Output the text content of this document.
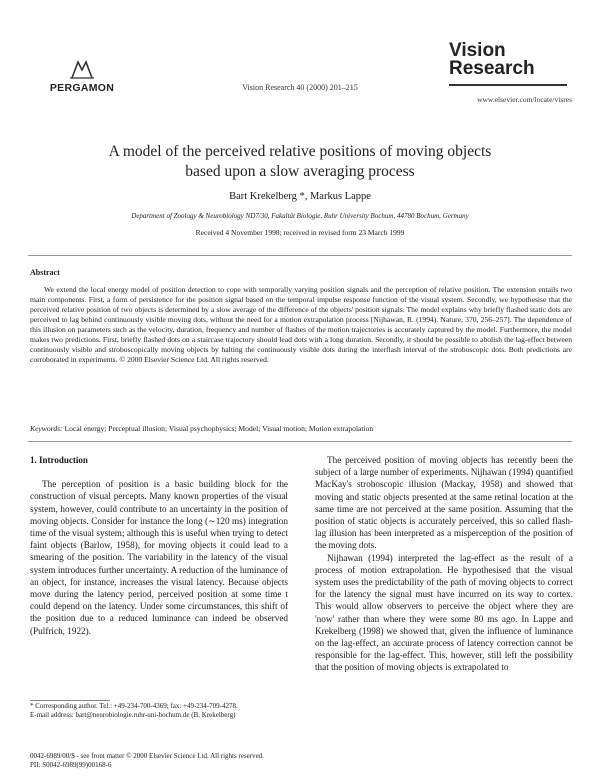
PERGAMON	Vision Research 40 (2000) 201–215
Vision
Research
www.elsevier.com/locate/visres
A model of the perceived relative positions of moving objects
based upon a slow averaging process
Bart Krekelberg *, Markus Lappe
Department of Zoology & Neurobiology ND7/30, Fakultät Biologie, Ruhr University Bochum, 44780 Bochum, Germany
Received 4 November 1998; received in revised form 23 March 1999
Abstract
We extend the local energy model of position detection to cope with temporally varying position signals and the perception of relative position. The extension entails two main components. First, a form of persistence for the position signal based on the temporal impulse response function of the visual system. Secondly, we hypothesise that the perceived relative position of two objects is determined by a slow average of the difference of the objects' position signals. The model explains why briefly flashed static dots are perceived to lag behind continuously visible moving dots, without the need for a motion extrapolation process [Nijhawan, R. (1994). Nature, 370, 256–257]. The dependence of this illusion on parameters such as the velocity, duration, frequency and number of flashes of the motion trajectories is accurately captured by the model. Furthermore, the model makes two predictions. First, briefly flashed dots on a staircase trajectory should lead dots with a long duration. Secondly, it should be possible to abolish the lag-effect between continuously visible and stroboscopically moving objects by halting the continuously visible dots during the interflash interval of the stroboscopic dots. Both predictions are corroborated in experiments. © 2000 Elsevier Science Ltd. All rights reserved.
Keywords: Local energy; Perceptual illusion; Visual psychophysics; Model; Visual motion; Motion extrapolation
1. Introduction
The perception of position is a basic building block for the construction of visual percepts. Many known properties of the visual system, however, could contribute to an uncertainty in the position of moving objects. Consider for instance the long (∼120 ms) integration time of the visual system; although this is useful when trying to detect faint objects (Barlow, 1958), for moving objects it could lead to a smearing of the position. The variability in the latency of the visual system introduces further uncertainty. A reduction of the luminance of an object, for instance, increases the visual latency. Because objects move during the latency period, perceived position at some time t could depend on the latency. Under some circumstances, this shift of the position due to a reduced luminance can indeed be observed (Pulfrich, 1922).
The perceived position of moving objects has recently been the subject of a large number of experiments. Nijhawan (1994) quantified MacKay's stroboscopic illusion (Mackay, 1958) and showed that moving and static objects presented at the same retinal location at the same time are not perceived at the same position. Assuming that the position of static objects is accurately perceived, this so called flash-lag illusion has been interpreted as a misperception of the position of the moving dots.
Nijhawan (1994) interpreted the lag-effect as the result of a process of motion extrapolation. He hypothesised that the visual system uses the predictability of the path of moving objects to correct for the latency the signal must have incurred on its way to cortex. This would allow observers to perceive the object where they are 'now' rather than where they were some 80 ms ago. In Lappe and Krekelberg (1998) we showed that, given the influence of luminance on the lag-effect, an accurate process of latency correction cannot be responsible for the lag-effect. This, however, still left the possibility that the position of moving objects is extrapolated to
* Corresponding author. Tel.: +49-234-700-4369; fax: +49-234-709-4278.
E-mail address: bart@neurobiologie.ruhr-uni-bochum.de (B. Krekelberg)
0042-6989/00/$ - see front matter © 2000 Elsevier Science Ltd. All rights reserved.
PII: S0042-6989(99)00168-6
